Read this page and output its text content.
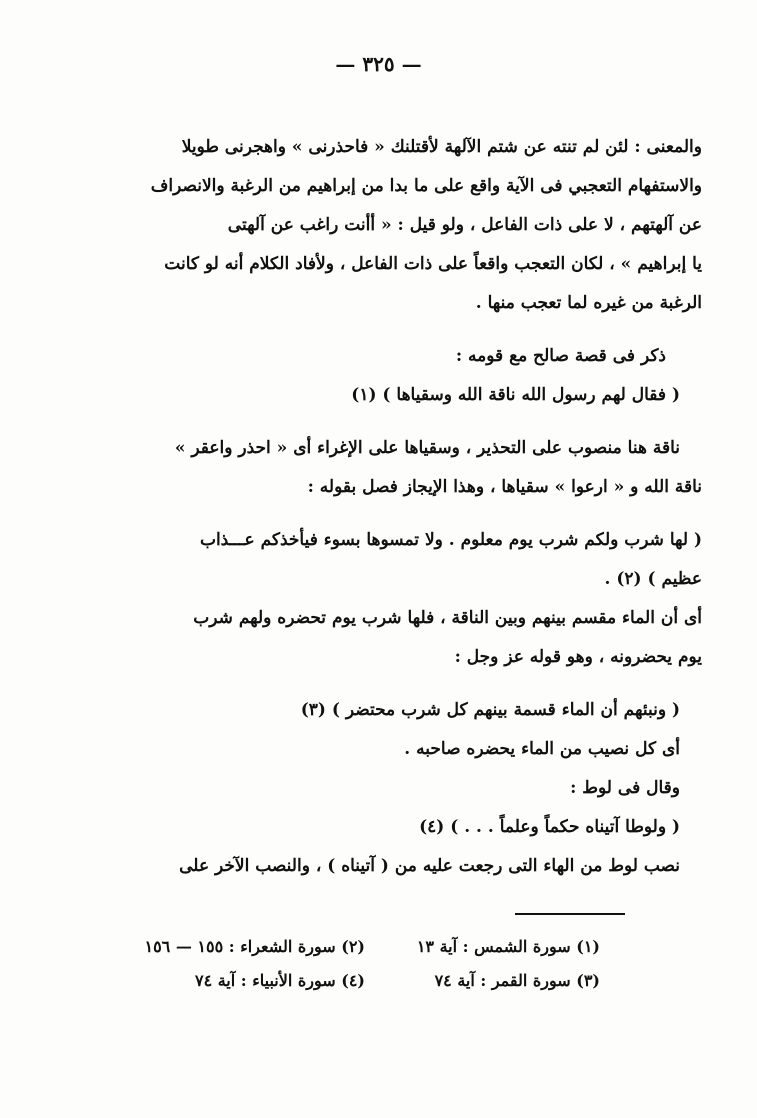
— ٣٢٥ —
والمعنى : لئن لم تنته عن شتم الآلهة لأقتلنك « فاحذرنى » واهجرنى طويلا
والاستفهام التعجبي فى الآية واقع على ما بدا من إبراهيم من الرغبة والانصراف
عن آلهتهم ، لا على ذات الفاعل ، ولو قيل : « أأنت راغب عن آلهتى
يا إبراهيم » ، لكان التعجب واقعاً على ذات الفاعل ، ولأفاد الكلام أنه لو كانت
الرغبة من غيره لما تعجب منها .
ذكر فى قصة صالح مع قومه :
( فقال لهم رسول الله ناقة الله وسقياها ) (١)
ناقة هنا منصوب على التحذير ، وسقياها على الإغراء أى « احذر واعقر »
ناقة الله و « ارعوا » سقياها ، وهذا الإيجاز فصل بقوله :
( لها شرب ولكم شرب يوم معلوم . ولا تمسوها بسوء فيأخذكم عـــذاب
عظيم ) (٢) .
أى أن الماء مقسم بينهم وبين الناقة ، فلها شرب يوم تحضره ولهم شرب
يوم يحضرونه ، وهو قوله عز وجل :
( ونبئهم أن الماء قسمة بينهم كل شرب محتضر ) (٣)
أى كل نصيب من الماء يحضره صاحبه .
وقال فى لوط :
( ولوطا آتيناه حكماً وعلماً . . . ) (٤)
نصب لوط من الهاء التى رجعت عليه من ( آتيناه ) ، والنصب الآخر على
(١) سورة الشمس : آية ١٣
(٢) سورة الشعراء : ١٥٥ — ١٥٦
(٣) سورة القمر : آية ٧٤
(٤) سورة الأنبياء : آية ٧٤
